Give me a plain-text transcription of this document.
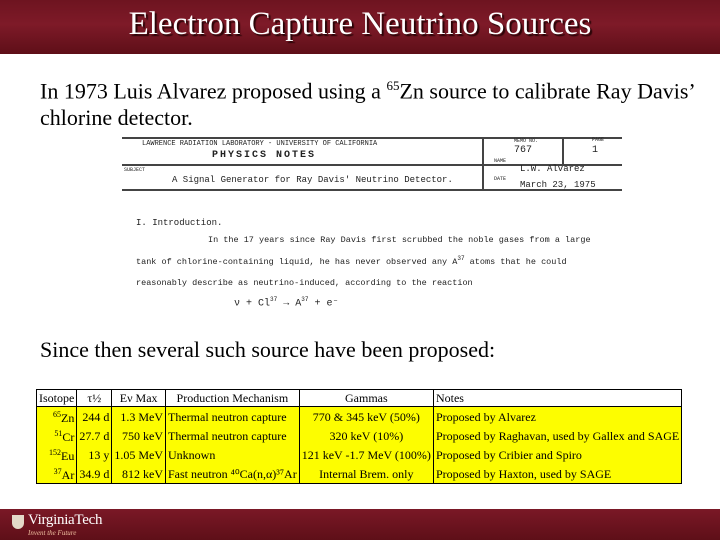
Electron Capture Neutrino Sources
In 1973 Luis Alvarez proposed using a $^{65}$Zn source to calibrate Ray Davis’ chlorine detector.
LAWRENCE RADIATION LABORATORY - UNIVERSITY OF CALIFORNIA
PHYSICS NOTES
MEMO NO.
767
PAGE
1
SUBJECT
A Signal Generator for Ray Davis' Neutrino Detector.
NAME
L.W. Alvarez
DATE
March 23, 1975
I. Introduction.
In the 17 years since Ray Davis first scrubbed the noble gases from a large
tank of chlorine-containing liquid, he has never observed any $A^{37}$ atoms that he could
reasonably describe as neutrino-induced, according to the reaction
$\nu + Cl^{37} \to A^{37} + e^-$
Since then several such source have been proposed:
Isotope	τ½	Eν Max	Production Mechanism	Gammas	Notes
$^{65}$Zn	244 d	1.3 MeV	Thermal neutron capture	770 & 345 keV (50%)	Proposed by Alvarez
$^{51}$Cr	27.7 d	750 keV	Thermal neutron capture	320 keV (10%)	Proposed by Raghavan, used by Gallex and SAGE
$^{152}$Eu	13 y	1.05 MeV	Unknown	121 keV -1.7 MeV (100%)	Proposed by Cribier and Spiro
$^{37}$Ar	34.9 d	812 keV	Fast neutron ⁴⁰Ca(n,α)³⁷Ar	Internal Brem. only	Proposed by Haxton, used by SAGE
VirginiaTech
Invent the Future
